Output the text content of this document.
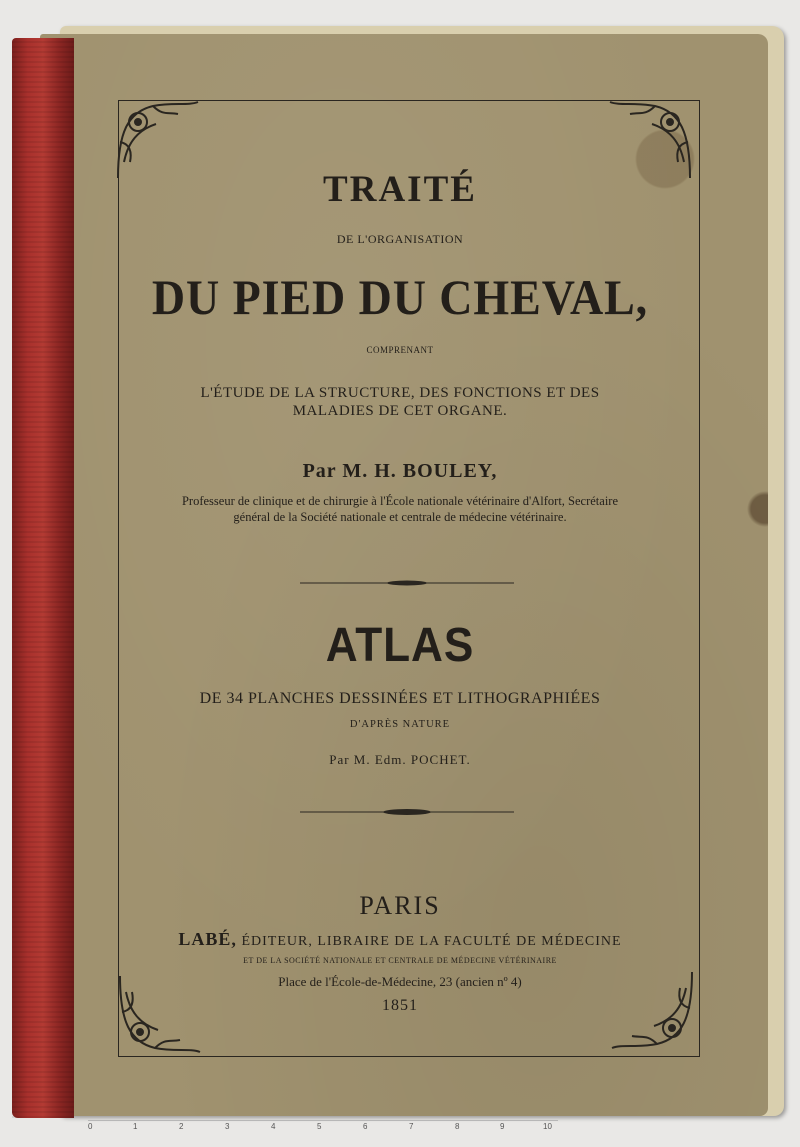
TRAITÉ
DE L'ORGANISATION
DU PIED DU CHEVAL,
COMPRENANT
L'ÉTUDE DE LA STRUCTURE, DES FONCTIONS ET DES
MALADIES DE CET ORGANE.
Par M. H. BOULEY,
Professeur de clinique et de chirurgie à l'École nationale vétérinaire d'Alfort, Secrétaire
général de la Société nationale et centrale de médecine vétérinaire.
ATLAS
DE 34 PLANCHES DESSINÉES ET LITHOGRAPHIÉES
D'APRÈS NATURE
Par M. Edm. POCHET.
PARIS
LABÉ, ÉDITEUR, LIBRAIRE DE LA FACULTÉ DE MÉDECINE
ET DE LA SOCIÉTÉ NATIONALE ET CENTRALE DE MÉDECINE VÉTÉRINAIRE
Place de l'École-de-Médecine, 23 (ancien nº 4)
1851
0	1	2	3	4	5	6	7	8	9	10
